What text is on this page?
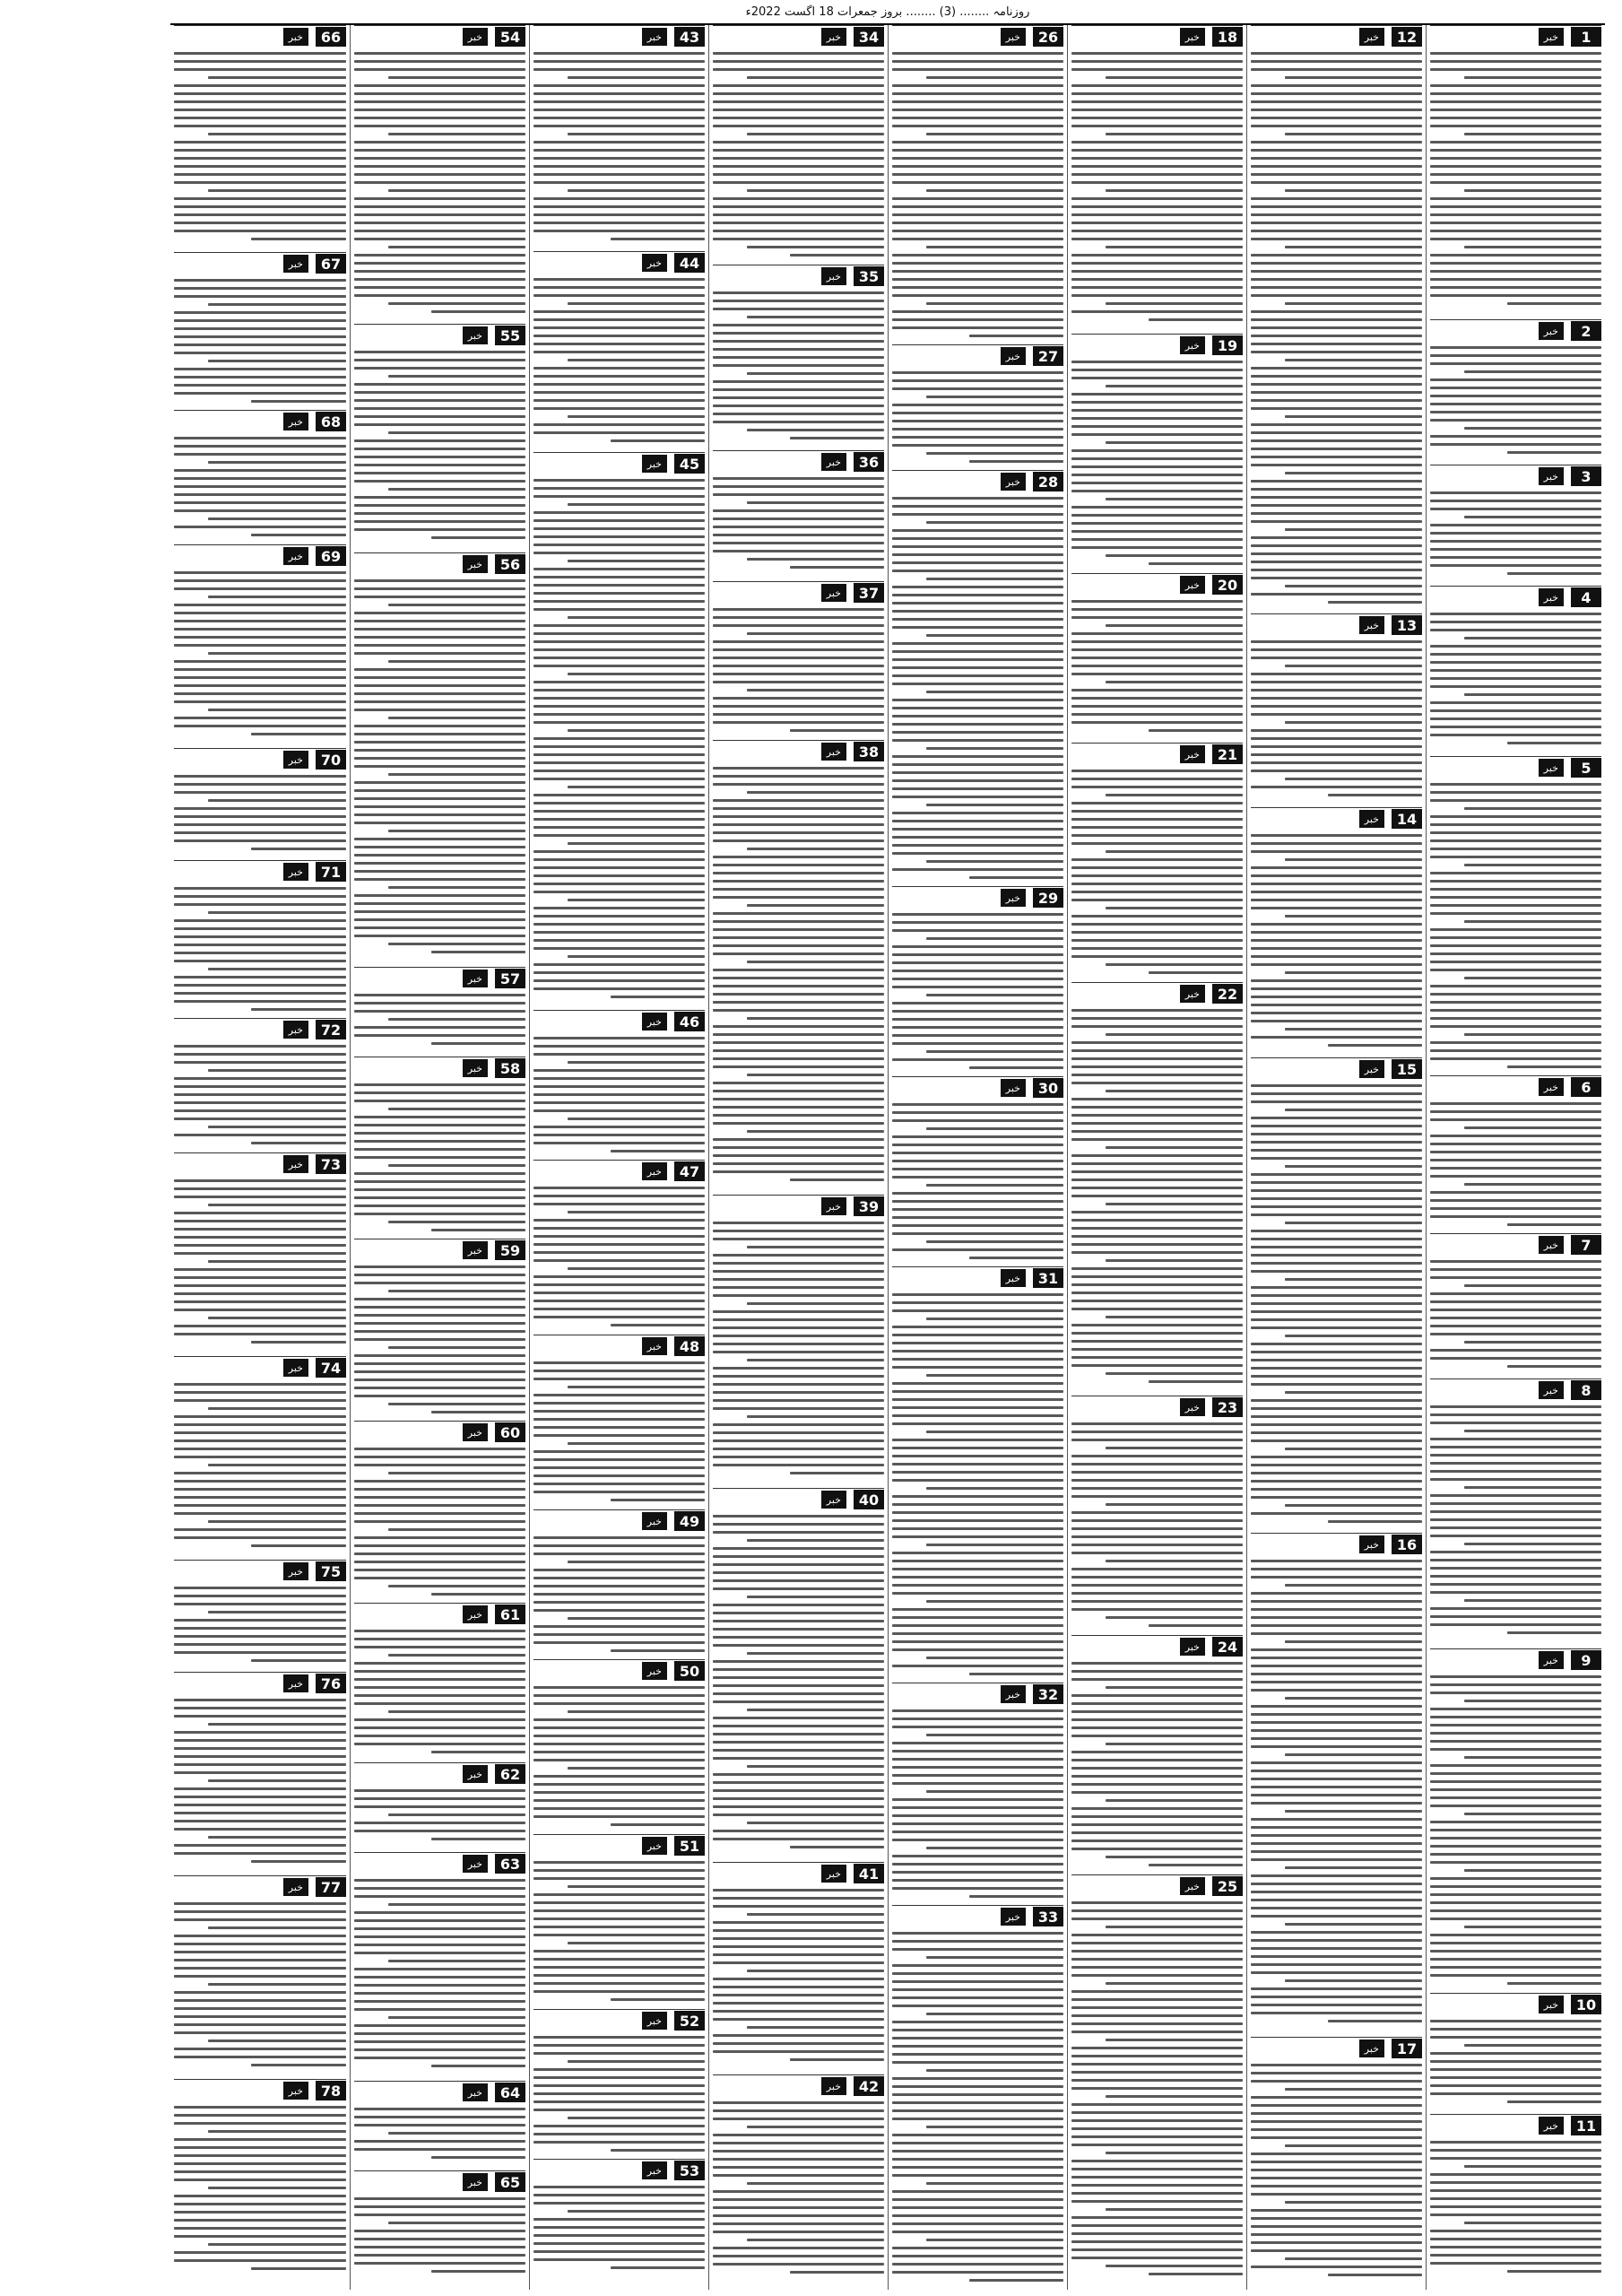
روزنامہ ........ (3) ........ بروز جمعرات 18 اگست 2022ء
خبر	1
خبر	2
خبر	3
خبر	4
خبر	5
خبر	6
خبر	7
خبر	8
خبر	9
خبر	10
خبر	11
خبر	12
خبر	13
خبر	14
خبر	15
خبر	16
خبر	17
خبر	18
خبر	19
خبر	20
خبر	21
خبر	22
خبر	23
خبر	24
خبر	25
خبر	26
خبر	27
خبر	28
خبر	29
خبر	30
خبر	31
خبر	32
خبر	33
خبر	34
خبر	35
خبر	36
خبر	37
خبر	38
خبر	39
خبر	40
خبر	41
خبر	42
خبر	43
خبر	44
خبر	45
خبر	46
خبر	47
خبر	48
خبر	49
خبر	50
خبر	51
خبر	52
خبر	53
خبر	54
خبر	55
خبر	56
خبر	57
خبر	58
خبر	59
خبر	60
خبر	61
خبر	62
خبر	63
خبر	64
خبر	65
خبر	66
خبر	67
خبر	68
خبر	69
خبر	70
خبر	71
خبر	72
خبر	73
خبر	74
خبر	75
خبر	76
خبر	77
خبر	78
